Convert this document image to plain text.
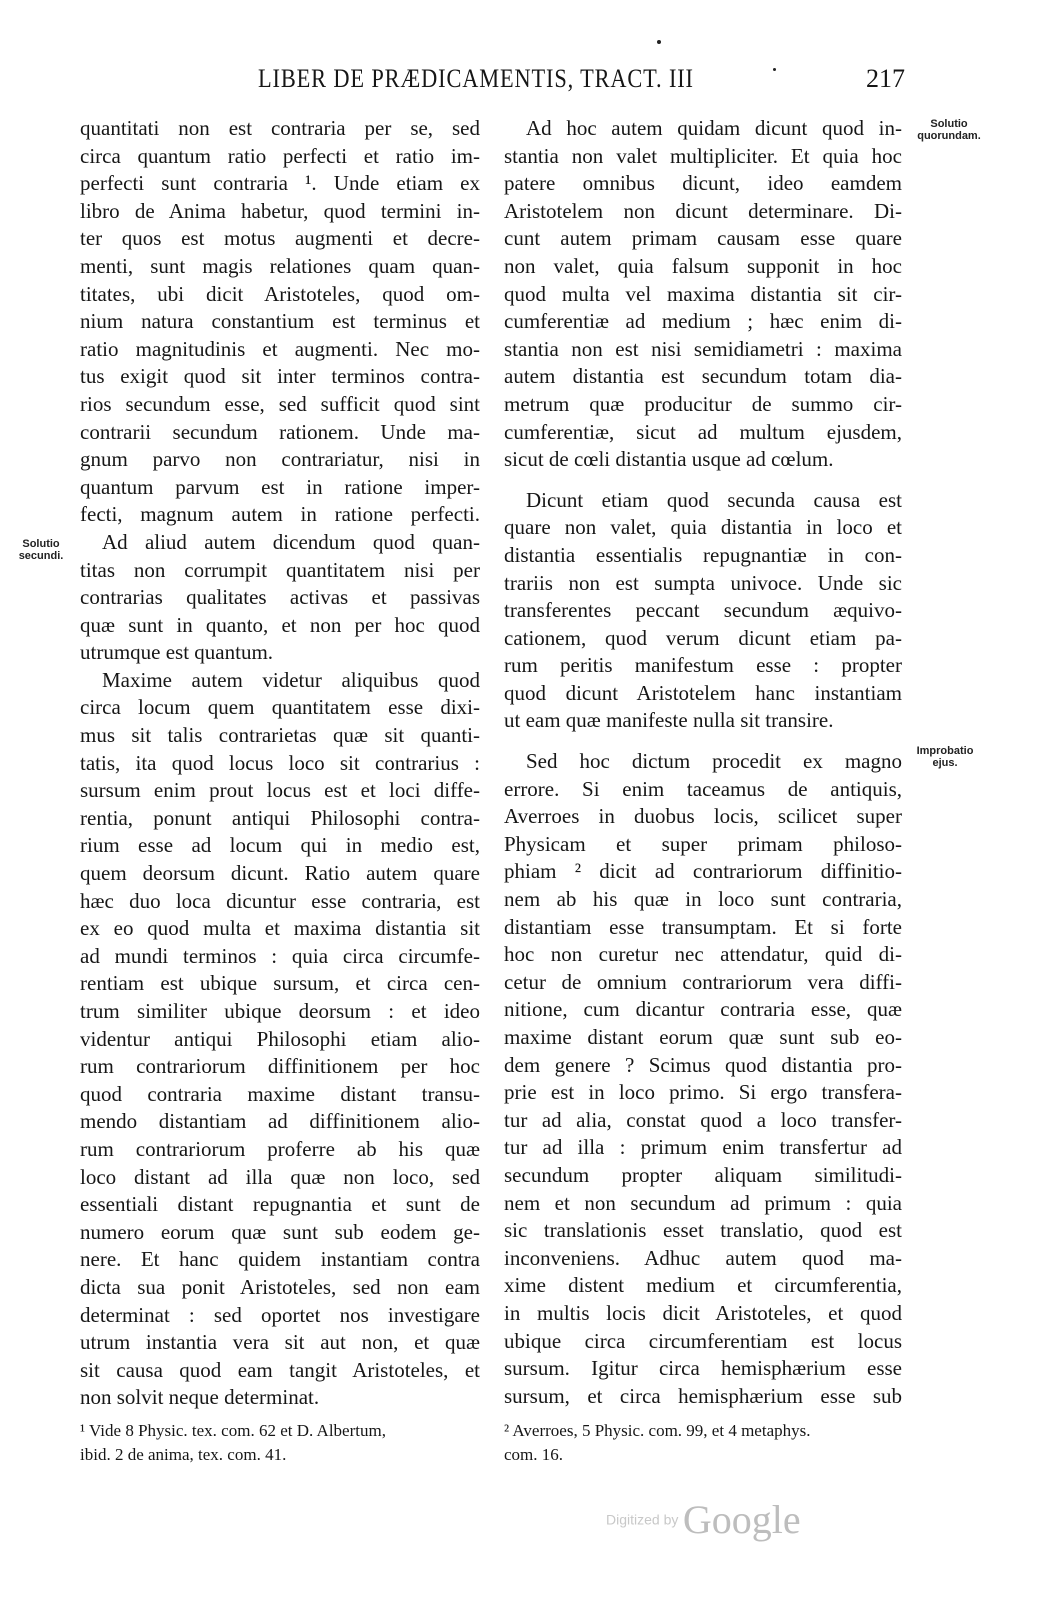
LIBER DE PRÆDICAMENTIS, TRACT. III	217
Solutio secundi.
Solutio quorundam.
Improbatio ejus.
quantitati non est contraria per se, sed
circa quantum ratio perfecti et ratio im-
perfecti sunt contraria ¹. Unde etiam ex
libro de Anima habetur, quod termini in-
ter quos est motus augmenti et decre-
menti, sunt magis relationes quam quan-
titates, ubi dicit Aristoteles, quod om-
nium natura constantium est terminus et
ratio magnitudinis et augmenti. Nec mo-
tus exigit quod sit inter terminos contra-
rios secundum esse, sed sufficit quod sint
contrarii secundum rationem. Unde ma-
gnum parvo non contrariatur, nisi in
quantum parvum est in ratione imper-
fecti, magnum autem in ratione perfecti.
Ad aliud autem dicendum quod quan-
titas non corrumpit quantitatem nisi per
contrarias qualitates activas et passivas
quæ sunt in quanto, et non per hoc quod
utrumque est quantum.
Maxime autem videtur aliquibus quod
circa locum quem quantitatem esse dixi-
mus sit talis contrarietas quæ sit quanti-
tatis, ita quod locus loco sit contrarius :
sursum enim prout locus est et loci diffe-
rentia, ponunt antiqui Philosophi contra-
rium esse ad locum qui in medio est,
quem deorsum dicunt. Ratio autem quare
hæc duo loca dicuntur esse contraria, est
ex eo quod multa et maxima distantia sit
ad mundi terminos : quia circa circumfe-
rentiam est ubique sursum, et circa cen-
trum similiter ubique deorsum : et ideo
videntur antiqui Philosophi etiam alio-
rum contrariorum diffinitionem per hoc
quod contraria maxime distant transu-
mendo distantiam ad diffinitionem alio-
rum contrariorum proferre ab his quæ
loco distant ad illa quæ non loco, sed
essentiali distant repugnantia et sunt de
numero eorum quæ sunt sub eodem ge-
nere. Et hanc quidem instantiam contra
dicta sua ponit Aristoteles, sed non eam
determinat : sed oportet nos investigare
utrum instantia vera sit aut non, et quæ
sit causa quod eam tangit Aristoteles, et
non solvit neque determinat.
Ad hoc autem quidam dicunt quod in-
stantia non valet multipliciter. Et quia hoc
patere omnibus dicunt, ideo eamdem
Aristotelem non dicunt determinare. Di-
cunt autem primam causam esse quare
non valet, quia falsum supponit in hoc
quod multa vel maxima distantia sit cir-
cumferentiæ ad medium ; hæc enim di-
stantia non est nisi semidiametri : maxima
autem distantia est secundum totam dia-
metrum quæ producitur de summo cir-
cumferentiæ, sicut ad multum ejusdem,
sicut de cœli distantia usque ad cœlum.
Dicunt etiam quod secunda causa est
quare non valet, quia distantia in loco et
distantia essentialis repugnantiæ in con-
trariis non est sumpta univoce. Unde sic
transferentes peccant secundum æquivo-
cationem, quod verum dicunt etiam pa-
rum peritis manifestum esse : propter
quod dicunt Aristotelem hanc instantiam
ut eam quæ manifeste nulla sit transire.
Sed hoc dictum procedit ex magno
errore. Si enim taceamus de antiquis,
Averroes in duobus locis, scilicet super
Physicam et super primam philoso-
phiam ² dicit ad contrariorum diffinitio-
nem ab his quæ in loco sunt contraria,
distantiam esse transumptam. Et si forte
hoc non curetur nec attendatur, quid di-
cetur de omnium contrariorum vera diffi-
nitione, cum dicantur contraria esse, quæ
maxime distant eorum quæ sunt sub eo-
dem genere ? Scimus quod distantia pro-
prie est in loco primo. Si ergo transfera-
tur ad alia, constat quod a loco transfer-
tur ad illa : primum enim transfertur ad
secundum propter aliquam similitudi-
nem et non secundum ad primum : quia
sic translationis esset translatio, quod est
inconveniens. Adhuc autem quod ma-
xime distent medium et circumferentia,
in multis locis dicit Aristoteles, et quod
ubique circa circumferentiam est locus
sursum. Igitur circa hemisphærium esse
sursum, et circa hemisphærium esse sub
¹ Vide 8 Physic. tex. com. 62 et D. Albertum,
ibid. 2 de anima, tex. com. 41.
² Averroes, 5 Physic. com. 99, et 4 metaphys.
com. 16.
Digitized by Google
